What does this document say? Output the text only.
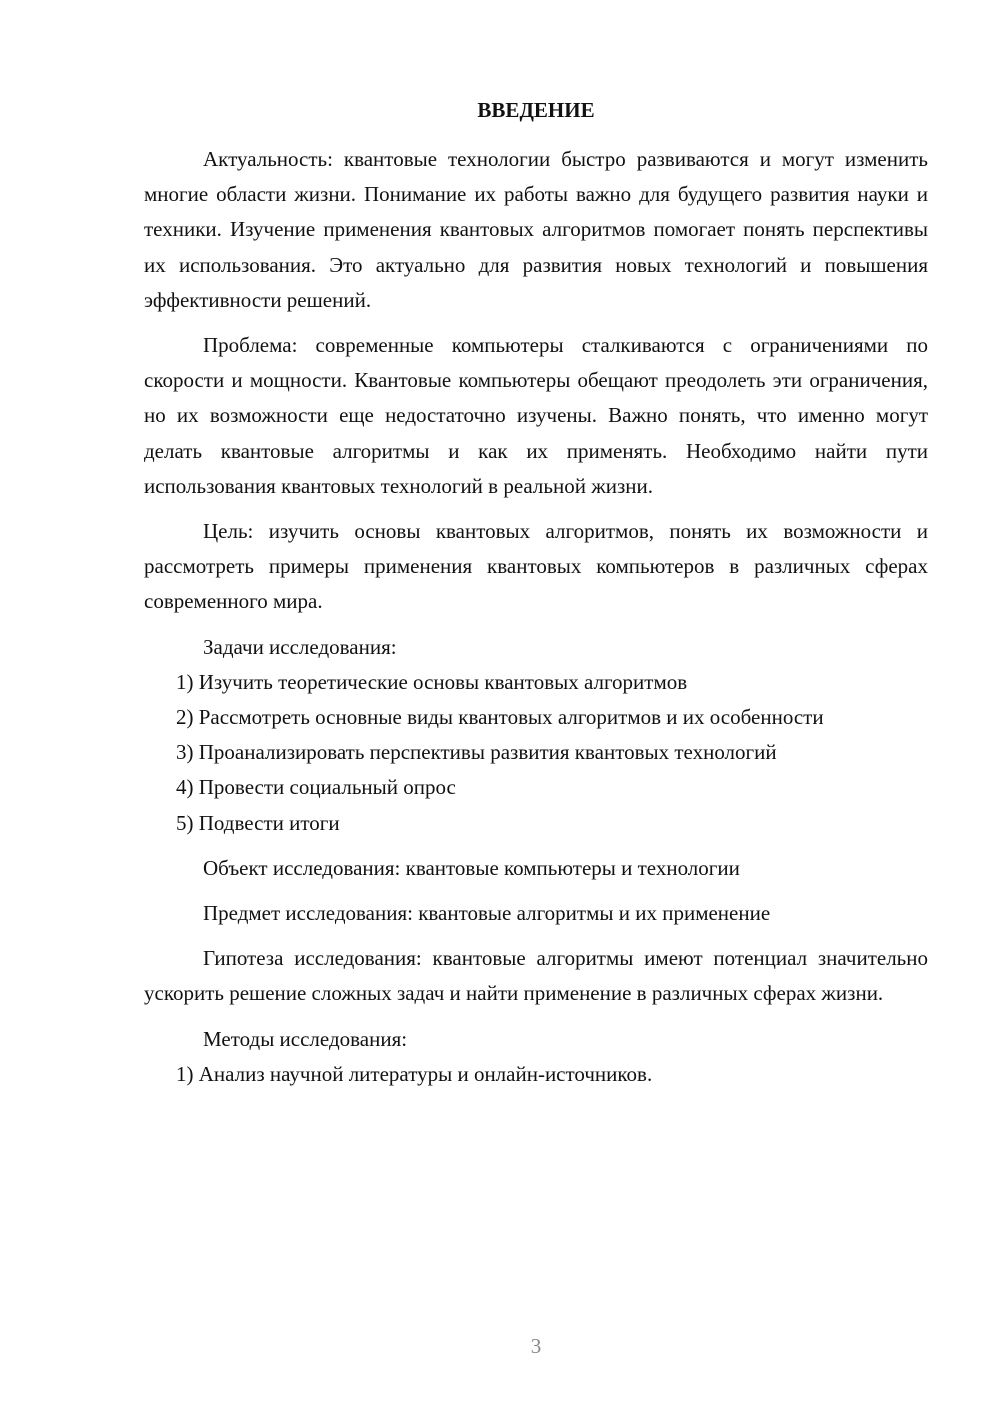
ВВЕДЕНИЕ

Актуальность: квантовые технологии быстро развиваются и могут изменить многие области жизни. Понимание их работы важно для будущего развития науки и техники. Изучение применения квантовых алгоритмов помогает понять перспективы их использования. Это актуально для развития новых технологий и повышения эффективности решений.

Проблема: современные компьютеры сталкиваются с ограничениями по скорости и мощности. Квантовые компьютеры обещают преодолеть эти ограничения, но их возможности еще недостаточно изучены. Важно понять, что именно могут делать квантовые алгоритмы и как их применять. Необходимо найти пути использования квантовых технологий в реальной жизни.

Цель: изучить основы квантовых алгоритмов, понять их возможности и рассмотреть примеры применения квантовых компьютеров в различных сферах современного мира.

Задачи исследования:

1) Изучить теоретические основы квантовых алгоритмов

2) Рассмотреть основные виды квантовых алгоритмов и их особенности

3) Проанализировать перспективы развития квантовых технологий

4) Провести социальный опрос

5) Подвести итоги

Объект исследования: квантовые компьютеры и технологии

Предмет исследования: квантовые алгоритмы и их применение

Гипотеза исследования: квантовые алгоритмы имеют потенциал значительно ускорить решение сложных задач и найти применение в различных сферах жизни.

Методы исследования:

1) Анализ научной литературы и онлайн-источников.

3
